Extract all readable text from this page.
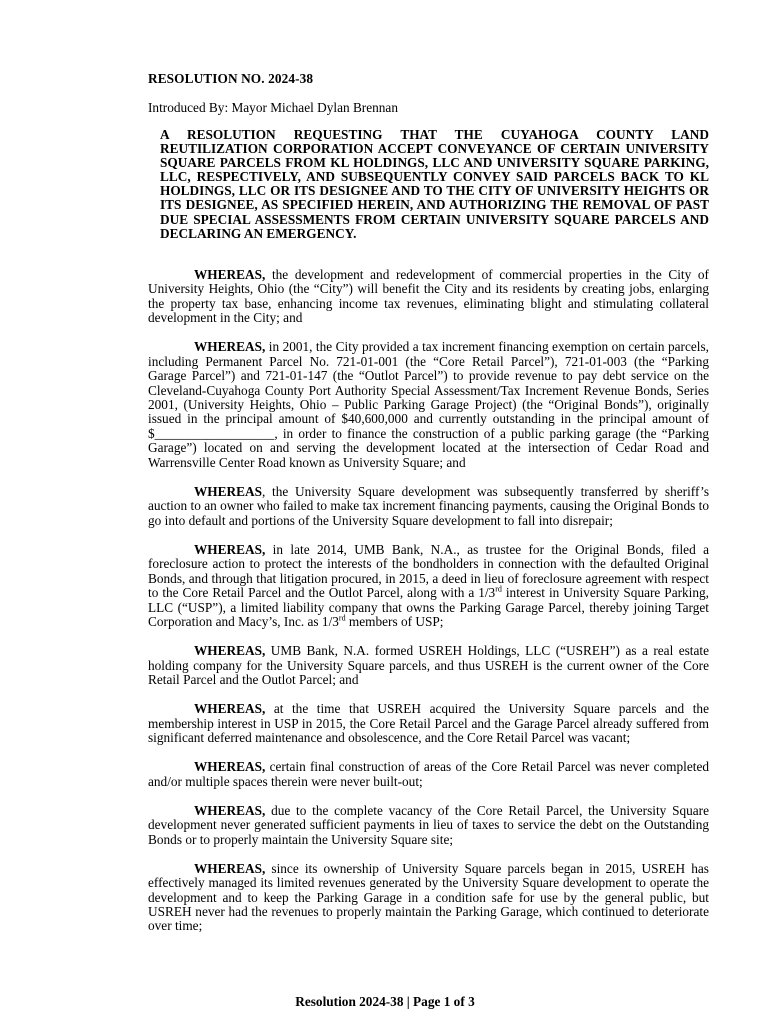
RESOLUTION NO. 2024-38
Introduced By: Mayor Michael Dylan Brennan

A RESOLUTION REQUESTING THAT THE CUYAHOGA COUNTY LAND REUTILIZATION CORPORATION ACCEPT CONVEYANCE OF CERTAIN UNIVERSITY SQUARE PARCELS FROM KL HOLDINGS, LLC AND UNIVERSITY SQUARE PARKING, LLC, RESPECTIVELY, AND SUBSEQUENTLY CONVEY SAID PARCELS BACK TO KL HOLDINGS, LLC OR ITS DESIGNEE AND TO THE CITY OF UNIVERSITY HEIGHTS OR ITS DESIGNEE, AS SPECIFIED HEREIN, AND AUTHORIZING THE REMOVAL OF PAST DUE SPECIAL ASSESSMENTS FROM CERTAIN UNIVERSITY SQUARE PARCELS AND DECLARING AN EMERGENCY.

WHEREAS, the development and redevelopment of commercial properties in the City of University Heights, Ohio (the “City”) will benefit the City and its residents by creating jobs, enlarging the property tax base, enhancing income tax revenues, eliminating blight and stimulating collateral development in the City; and

WHEREAS, in 2001, the City provided a tax increment financing exemption on certain parcels, including Permanent Parcel No. 721-01-001 (the “Core Retail Parcel”), 721-01-003 (the “Parking Garage Parcel”) and 721-01-147 (the “Outlot Parcel”) to provide revenue to pay debt service on the Cleveland-Cuyahoga County Port Authority Special Assessment/Tax Increment Revenue Bonds, Series 2001, (University Heights, Ohio – Public Parking Garage Project) (the “Original Bonds”), originally issued in the principal amount of $40,600,000 and currently outstanding in the principal amount of $__________________, in order to finance the construction of a public parking garage (the “Parking Garage”) located on and serving the development located at the intersection of Cedar Road and Warrensville Center Road known as University Square; and

WHEREAS, the University Square development was subsequently transferred by sheriff’s auction to an owner who failed to make tax increment financing payments, causing the Original Bonds to go into default and portions of the University Square development to fall into disrepair;

WHEREAS, in late 2014, UMB Bank, N.A., as trustee for the Original Bonds, filed a foreclosure action to protect the interests of the bondholders in connection with the defaulted Original Bonds, and through that litigation procured, in 2015, a deed in lieu of foreclosure agreement with respect to the Core Retail Parcel and the Outlot Parcel, along with a 1/3rd interest in University Square Parking, LLC (“USP”), a limited liability company that owns the Parking Garage Parcel, thereby joining Target Corporation and Macy’s, Inc. as 1/3rd members of USP;

WHEREAS, UMB Bank, N.A. formed USREH Holdings, LLC (“USREH”) as a real estate holding company for the University Square parcels, and thus USREH is the current owner of the Core Retail Parcel and the Outlot Parcel; and

WHEREAS, at the time that USREH acquired the University Square parcels and the membership interest in USP in 2015, the Core Retail Parcel and the Garage Parcel already suffered from significant deferred maintenance and obsolescence, and the Core Retail Parcel was vacant;

WHEREAS, certain final construction of areas of the Core Retail Parcel was never completed and/or multiple spaces therein were never built-out;

WHEREAS, due to the complete vacancy of the Core Retail Parcel, the University Square development never generated sufficient payments in lieu of taxes to service the debt on the Outstanding Bonds or to properly maintain the University Square site;

WHEREAS, since its ownership of University Square parcels began in 2015, USREH has effectively managed its limited revenues generated by the University Square development to operate the development and to keep the Parking Garage in a condition safe for use by the general public, but USREH never had the revenues to properly maintain the Parking Garage, which continued to deteriorate over time;

Resolution 2024-38 | Page 1 of 3
